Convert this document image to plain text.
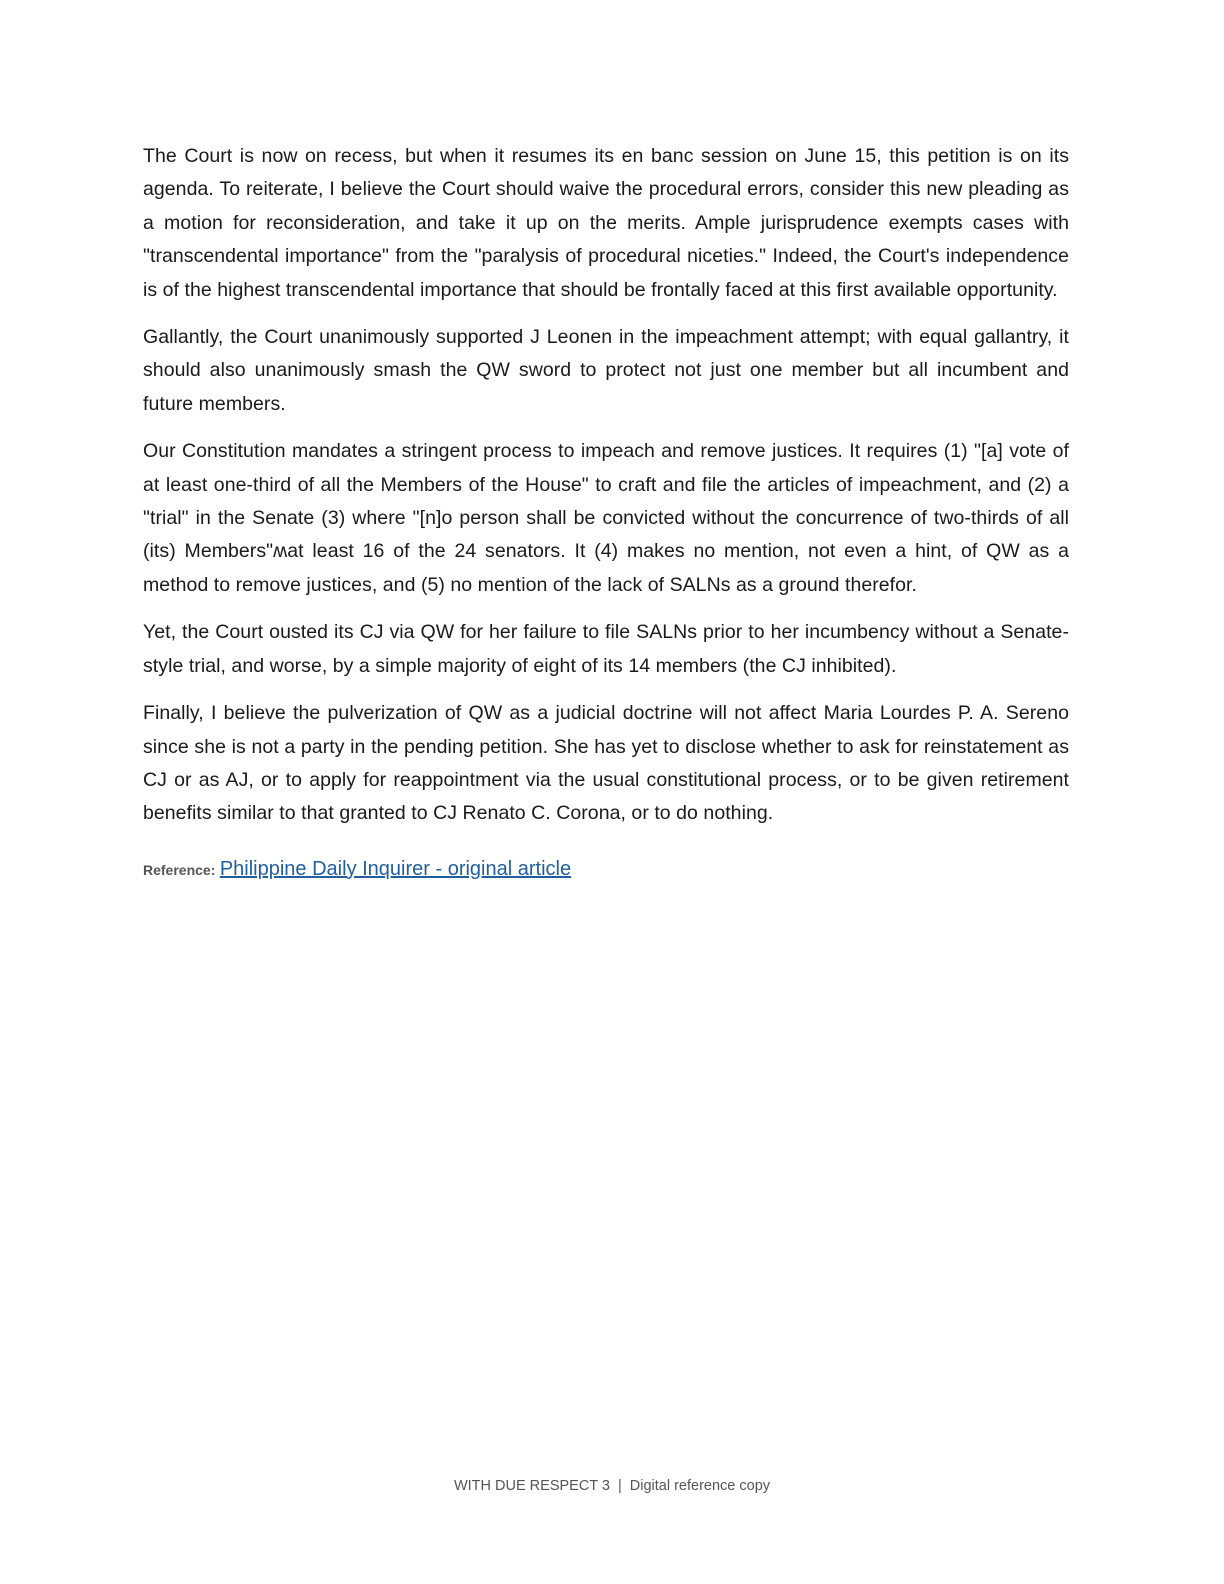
The Court is now on recess, but when it resumes its en banc session on June 15, this petition is on its agenda. To reiterate, I believe the Court should waive the procedural errors, consider this new pleading as a motion for reconsideration, and take it up on the merits. Ample jurisprudence exempts cases with "transcendental importance" from the "paralysis of procedural niceties." Indeed, the Court's independence is of the highest transcendental importance that should be frontally faced at this first available opportunity.

Gallantly, the Court unanimously supported J Leonen in the impeachment attempt; with equal gallantry, it should also unanimously smash the QW sword to protect not just one member but all incumbent and future members.

Our Constitution mandates a stringent process to impeach and remove justices. It requires (1) "[a] vote of at least one-third of all the Members of the House" to craft and file the articles of impeachment, and (2) a "trial" in the Senate (3) where "[n]o person shall be convicted without the concurrence of two-thirds of all (its) Members"ʍat least 16 of the 24 senators. It (4) makes no mention, not even a hint, of QW as a method to remove justices, and (5) no mention of the lack of SALNs as a ground therefor.

Yet, the Court ousted its CJ via QW for her failure to file SALNs prior to her incumbency without a Senate-style trial, and worse, by a simple majority of eight of its 14 members (the CJ inhibited).

Finally, I believe the pulverization of QW as a judicial doctrine will not affect Maria Lourdes P. A. Sereno since she is not a party in the pending petition. She has yet to disclose whether to ask for reinstatement as CJ or as AJ, or to apply for reappointment via the usual constitutional process, or to be given retirement benefits similar to that granted to CJ Renato C. Corona, or to do nothing.

Reference: Philippine Daily Inquirer - original article
WITH DUE RESPECT 3 | Digital reference copy
